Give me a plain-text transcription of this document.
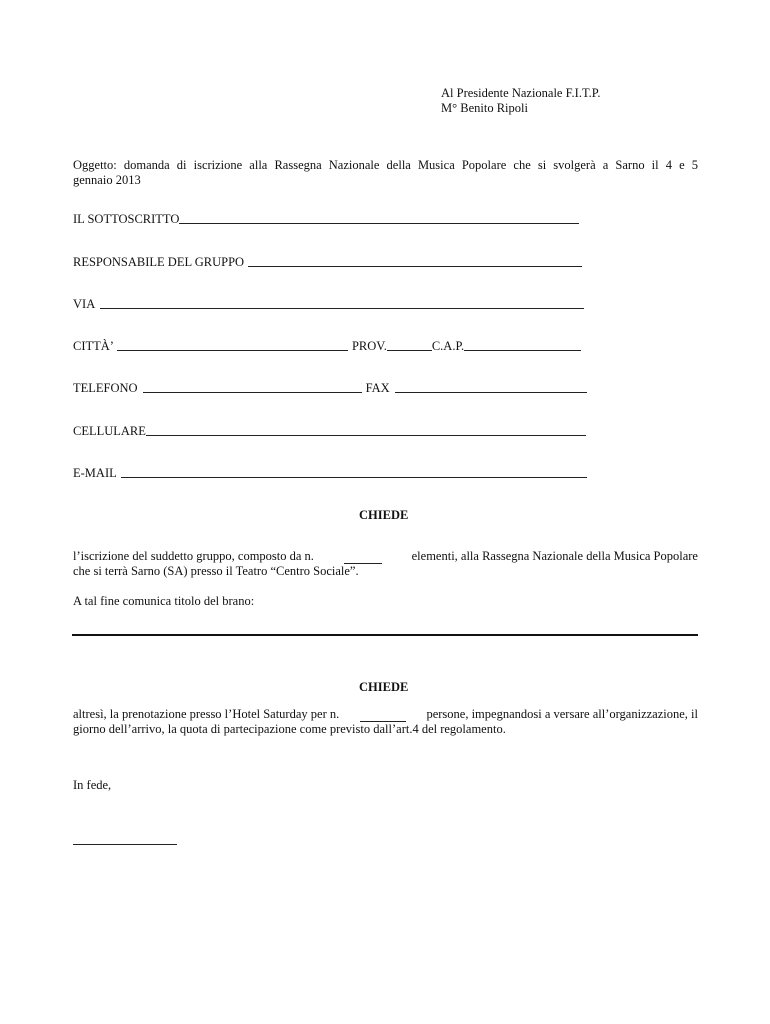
Al Presidente Nazionale F.I.T.P.
M° Benito Ripoli
Oggetto: domanda di iscrizione alla Rassegna Nazionale della Musica Popolare che si svolgerà a Sarno il 4 e 5
gennaio 2013
IL SOTTOSCRITTO
RESPONSABILE DEL GRUPPO
VIA
CITTÀ’	PROV.	C.A.P.
TELEFONO	FAX
CELLULARE
E-MAIL
CHIEDE
l’iscrizione del suddetto gruppo, composto da n.	elementi, alla Rassegna Nazionale della Musica Popolare
che si terrà Sarno (SA) presso il Teatro “Centro Sociale”.
A tal fine comunica titolo del brano:
CHIEDE
altresì, la prenotazione presso l’Hotel Saturday per n.	persone, impegnandosi a versare all’organizzazione, il
giorno dell’arrivo, la quota di partecipazione come previsto dall’art.4 del regolamento.
In fede,
